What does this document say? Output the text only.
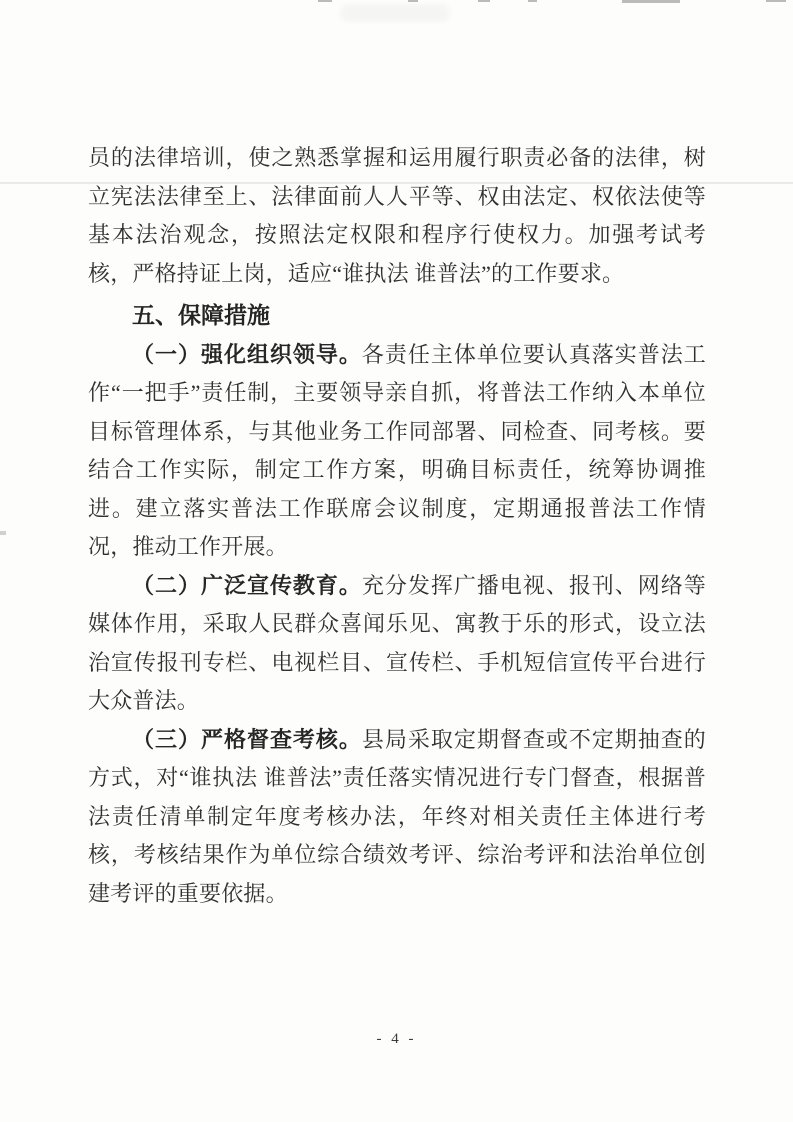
员的法律培训，使之熟悉掌握和运用履行职责必备的法律，树立宪法法律至上、法律面前人人平等、权由法定、权依法使等基本法治观念，按照法定权限和程序行使权力。加强考试考核，严格持证上岗，适应“谁执法 谁普法”的工作要求。

五、保障措施

（一）强化组织领导。各责任主体单位要认真落实普法工作“一把手”责任制，主要领导亲自抓，将普法工作纳入本单位目标管理体系，与其他业务工作同部署、同检查、同考核。要结合工作实际，制定工作方案，明确目标责任，统筹协调推进。建立落实普法工作联席会议制度，定期通报普法工作情况，推动工作开展。

（二）广泛宣传教育。充分发挥广播电视、报刊、网络等媒体作用，采取人民群众喜闻乐见、寓教于乐的形式，设立法治宣传报刊专栏、电视栏目、宣传栏、手机短信宣传平台进行大众普法。

（三）严格督查考核。县局采取定期督查或不定期抽查的方式，对“谁执法 谁普法”责任落实情况进行专门督查，根据普法责任清单制定年度考核办法，年终对相关责任主体进行考核，考核结果作为单位综合绩效考评、综治考评和法治单位创建考评的重要依据。

- 4 -
